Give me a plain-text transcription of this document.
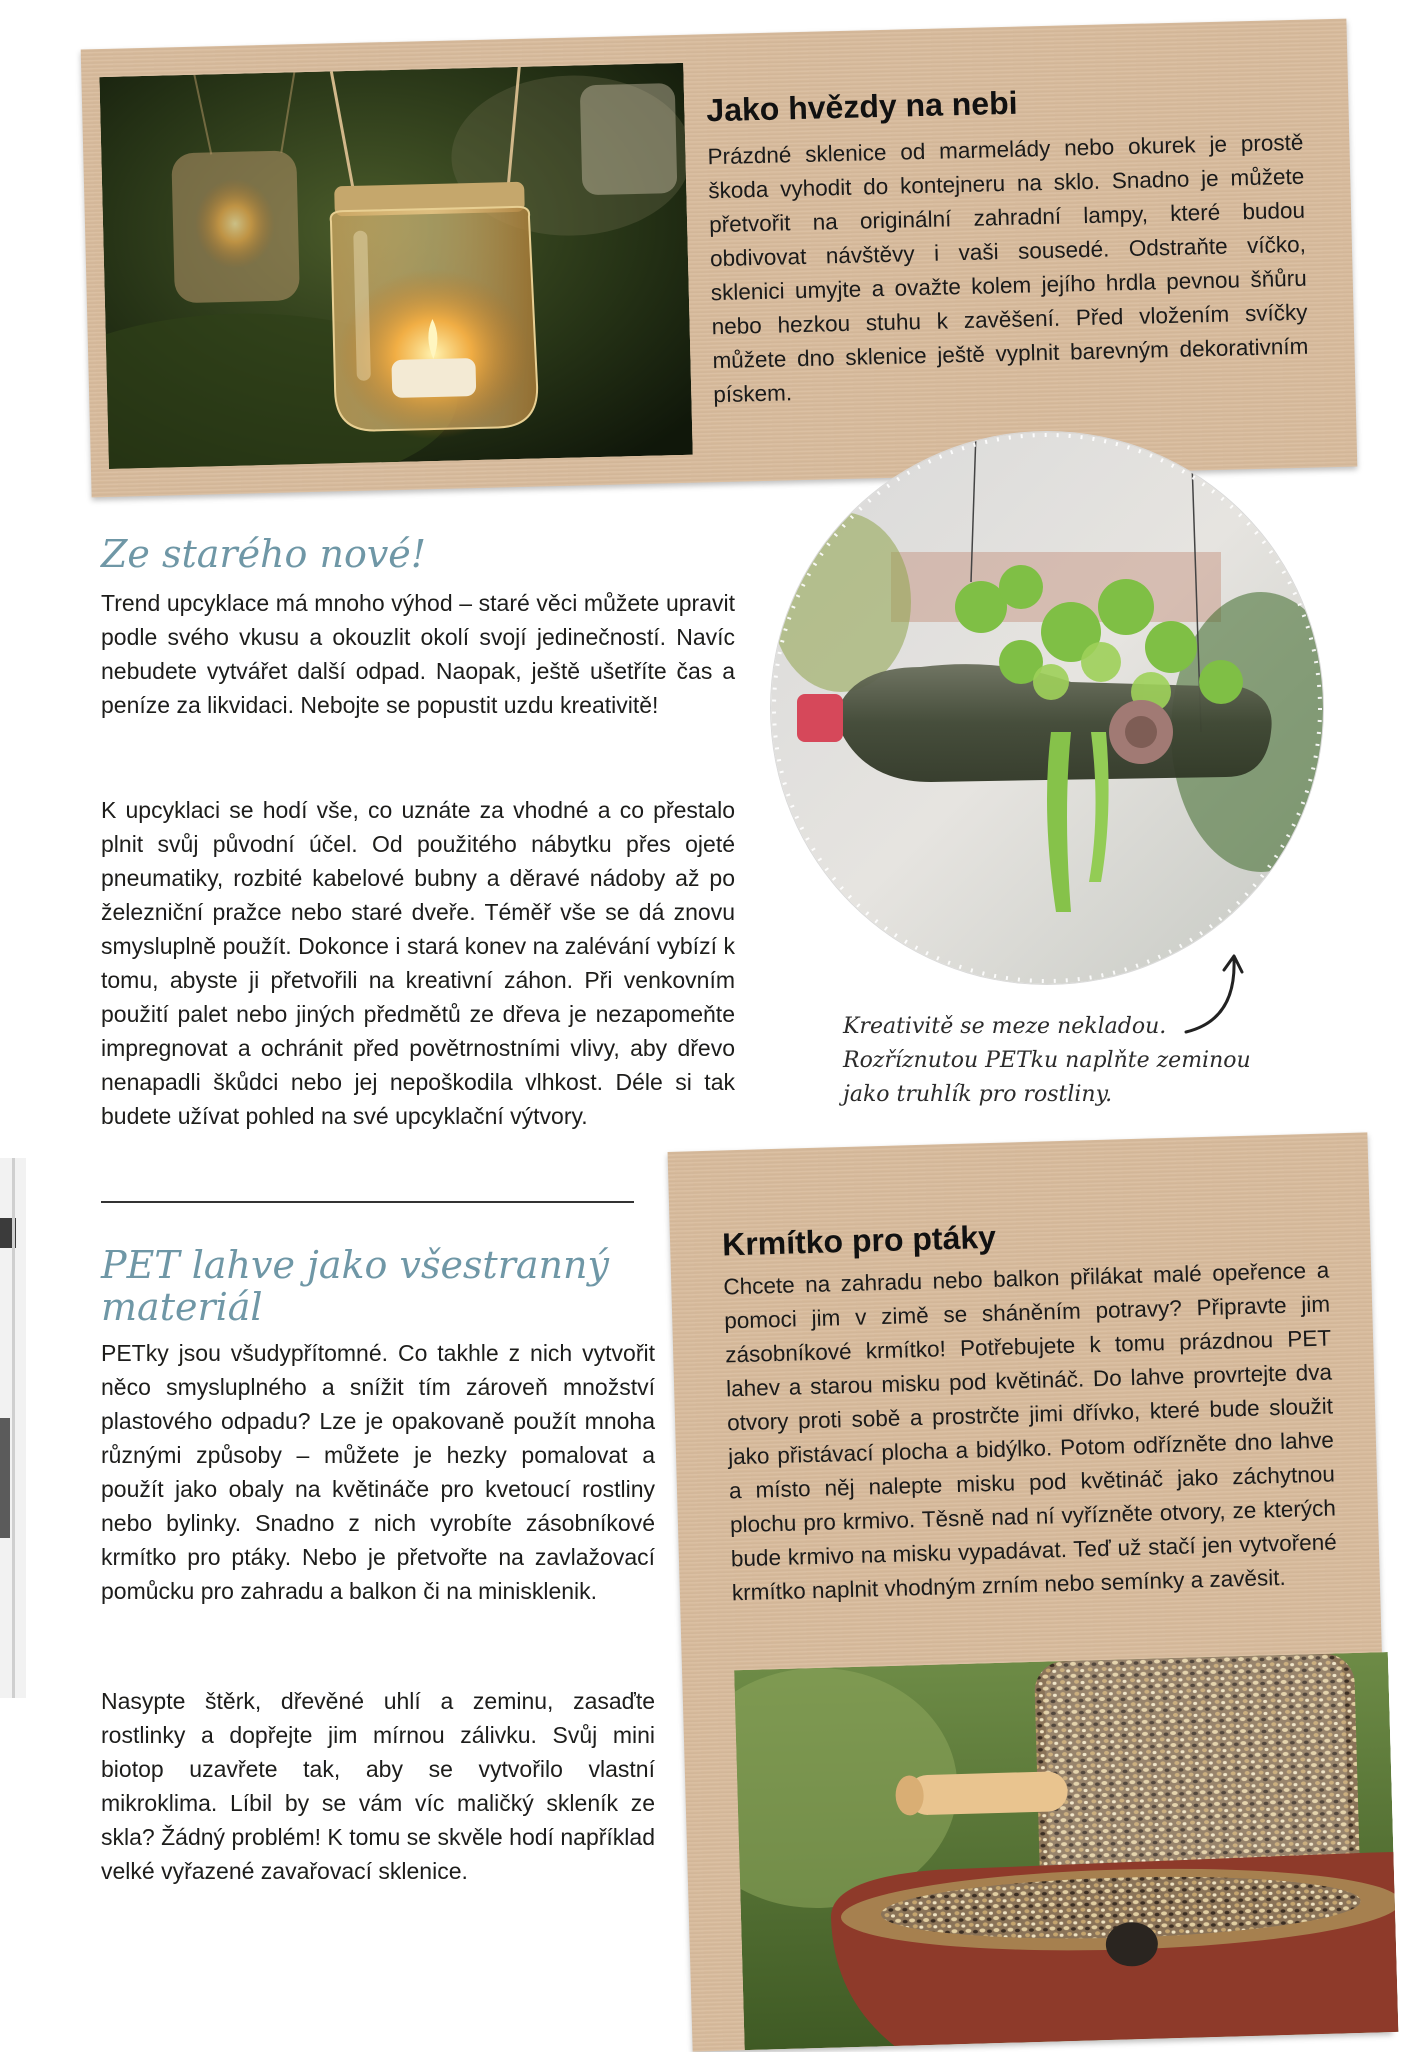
Jako hvězdy na nebi

Prázdné sklenice od marmelády nebo okurek je prostě škoda vyhodit do kontejneru na sklo. Snadno je můžete přetvořit na originální zahradní lampy, které budou obdivovat návštěvy i vaši sousedé. Odstraňte víčko, sklenici umyjte a ovažte kolem jejího hrdla pevnou šňůru nebo hezkou stuhu k zavěšení. Před vložením svíčky můžete dno sklenice ještě vyplnit barevným dekorativním pískem.

Ze starého nové!

Trend upcyklace má mnoho výhod – staré věci můžete upravit podle svého vkusu a okouzlit okolí svojí jedinečností. Navíc nebudete vytvářet další odpad. Naopak, ještě ušetříte čas a peníze za likvidaci. Nebojte se popustit uzdu kreativitě!

K upcyklaci se hodí vše, co uznáte za vhodné a co přestalo plnit svůj původní účel. Od použitého nábytku přes ojeté pneumatiky, rozbité kabelové bubny a děravé nádoby až po železniční pražce nebo staré dveře. Téměř vše se dá znovu smysluplně použít. Dokonce i stará konev na zalévání vybízí k tomu, abyste ji přetvořili na kreativní záhon. Při venkovním použití palet nebo jiných předmětů ze dřeva je nezapomeňte impregnovat a ochránit před povětrnostními vlivy, aby dřevo nenapadli škůdci nebo jej nepoškodila vlhkost. Déle si tak budete užívat pohled na své upcyklační výtvory.

Kreativitě se meze nekladou.

Rozříznutou PETku naplňte zeminou

jako truhlík pro rostliny.

PET lahve jako všestranný
materiál

PETky jsou všudypřítomné. Co takhle z nich vytvořit něco smysluplného a snížit tím zároveň množství plastového odpadu? Lze je opakovaně použít mnoha různými způsoby – můžete je hezky pomalovat a použít jako obaly na květináče pro kvetoucí rostliny nebo bylinky. Snadno z nich vyrobíte zásobníkové krmítko pro ptáky. Nebo je přetvořte na zavlažovací pomůcku pro zahradu a balkon či na minisklenik.

Nasypte štěrk, dřevěné uhlí a zeminu, zasaďte rostlinky a dopřejte jim mírnou zálivku. Svůj mini biotop uzavřete tak, aby se vytvořilo vlastní mikroklima. Líbil by se vám víc maličký skleník ze skla? Žádný problém! K tomu se skvěle hodí například velké vyřazené zavařovací sklenice.

Krmítko pro ptáky

Chcete na zahradu nebo balkon přilákat malé opeřence a pomoci jim v zimě se sháněním potravy? Připravte jim zásobníkové krmítko! Potřebujete k tomu prázdnou PET lahev a starou misku pod květináč. Do lahve provrtejte dva otvory proti sobě a prostrčte jimi dřívko, které bude sloužit jako přistávací plocha a bidýlko. Potom odřízněte dno lahve a místo něj nalepte misku pod květináč jako záchytnou plochu pro krmivo. Těsně nad ní vyřízněte otvory, ze kterých bude krmivo na misku vypadávat. Teď už stačí jen vytvořené krmítko naplnit vhodným zrním nebo semínky a zavěsit.
